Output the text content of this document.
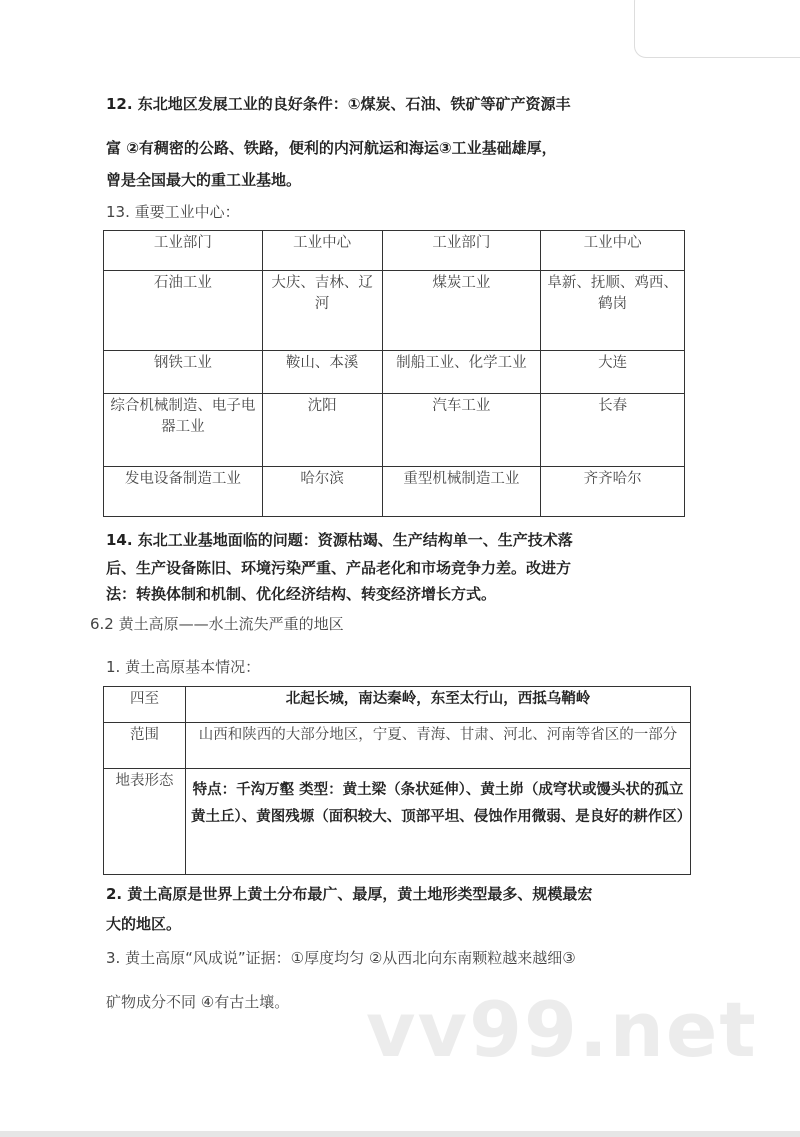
12. 东北地区发展工业的良好条件：①煤炭、石油、铁矿等矿产资源丰
富 ②有稠密的公路、铁路，便利的内河航运和海运③工业基础雄厚，
曾是全国最大的重工业基地。
13. 重要工业中心：
工业部门	工业中心	工业部门	工业中心
石油工业	大庆、吉林、辽河	煤炭工业	阜新、抚顺、鸡西、鹤岗
钢铁工业	鞍山、本溪	制船工业、化学工业	大连
综合机械制造、电子电器工业	沈阳	汽车工业	长春
发电设备制造工业	哈尔滨	重型机械制造工业	齐齐哈尔
14. 东北工业基地面临的问题：资源枯竭、生产结构单一、生产技术落
后、生产设备陈旧、环境污染严重、产品老化和市场竞争力差。改进方
法：转换体制和机制、优化经济结构、转变经济增长方式。
6.2 黄土高原——水土流失严重的地区
1. 黄土高原基本情况：
四至	北起长城，南达秦岭，东至太行山，西抵乌鞘岭
范围	山西和陕西的大部分地区，宁夏、青海、甘肃、河北、河南等省区的一部分
地表形态	特点：千沟万壑 类型：黄土梁（条状延伸）、黄土峁（成穹状或馒头状的孤立黄土丘）、黄图残塬（面积较大、顶部平坦、侵蚀作用微弱、是良好的耕作区）
2. 黄土高原是世界上黄土分布最广、最厚，黄土地形类型最多、规模最宏
大的地区。
3. 黄土高原“风成说”证据：①厚度均匀 ②从西北向东南颗粒越来越细③
矿物成分不同 ④有古土壤。	vv99.net
